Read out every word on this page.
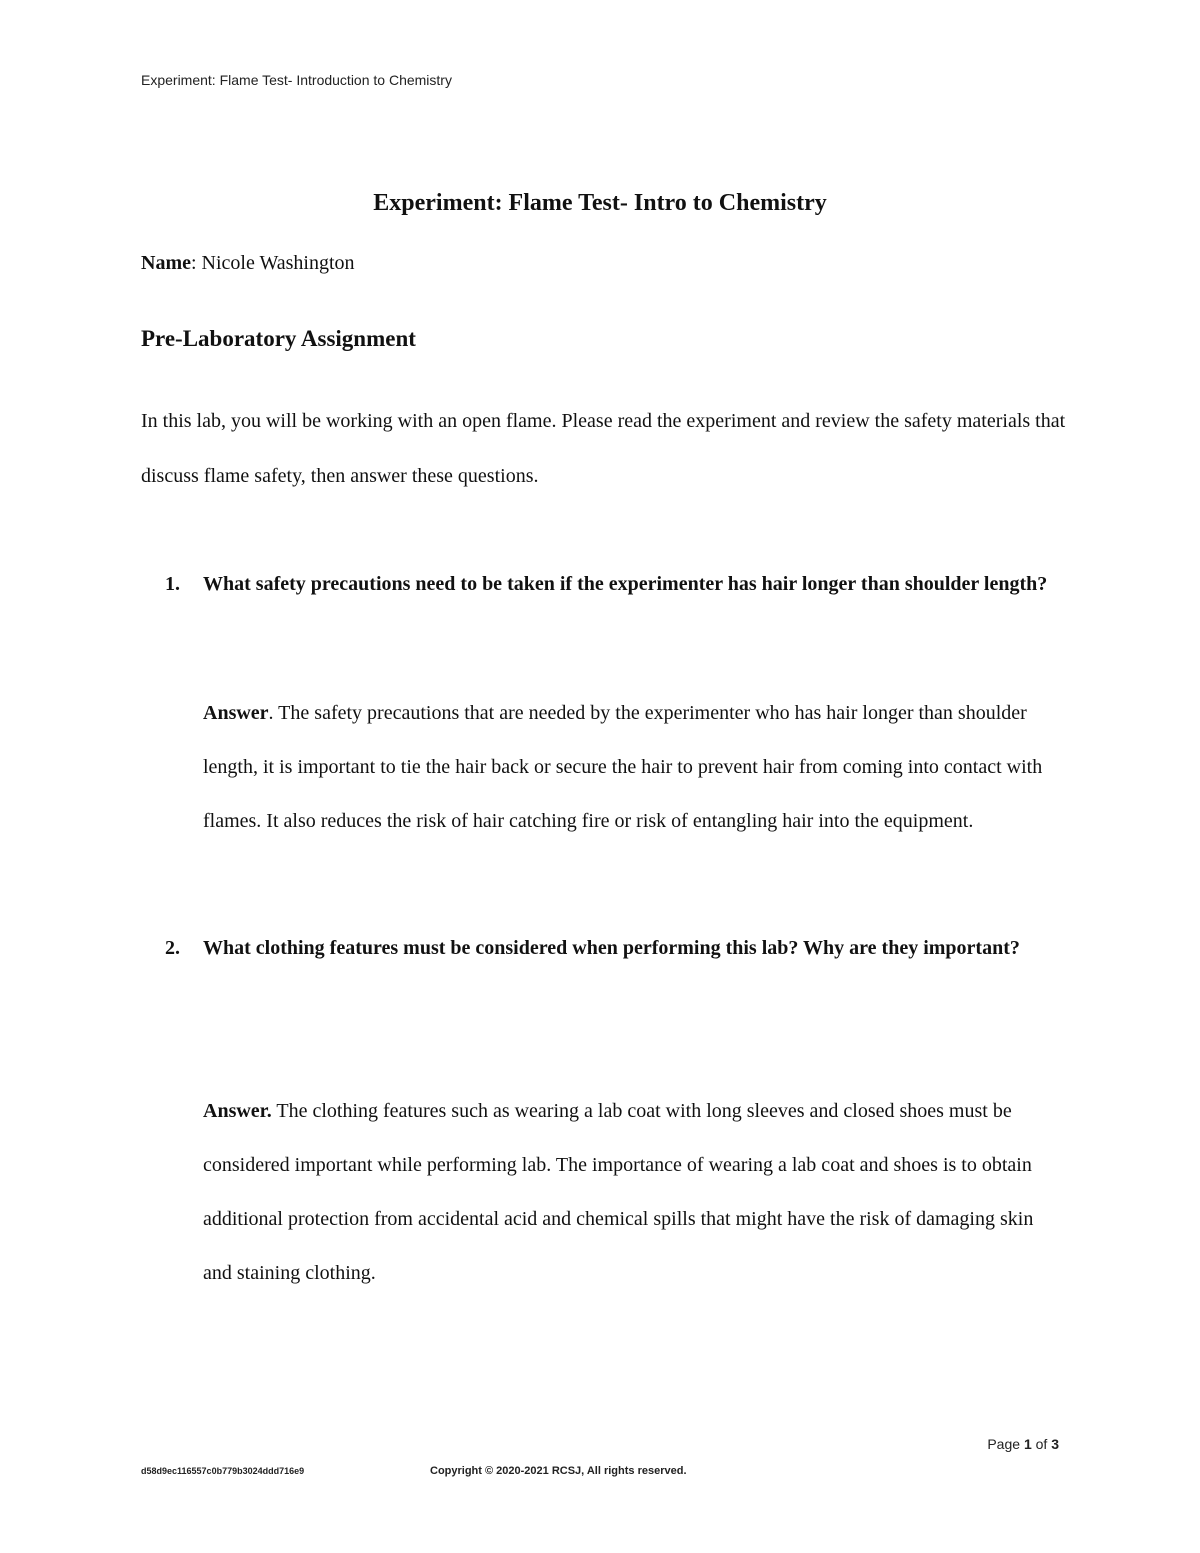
Experiment: Flame Test- Introduction to Chemistry
Experiment: Flame Test- Intro to Chemistry
Name: Nicole Washington
Pre-Laboratory Assignment

In this lab, you will be working with an open flame. Please read the experiment and review the safety materials that discuss flame safety, then answer these questions.

1. What safety precautions need to be taken if the experimenter has hair longer than shoulder length?

Answer. The safety precautions that are needed by the experimenter who has hair longer than shoulder length, it is important to tie the hair back or secure the hair to prevent hair from coming into contact with flames. It also reduces the risk of hair catching fire or risk of entangling hair into the equipment.

2. What clothing features must be considered when performing this lab? Why are they important?

Answer. The clothing features such as wearing a lab coat with long sleeves and closed shoes must be considered important while performing lab. The importance of wearing a lab coat and shoes is to obtain additional protection from accidental acid and chemical spills that might have the risk of damaging skin and staining clothing.

Page 1 of 3
d58d9ec116557c0b779b3024ddd716e9	Copyright © 2020-2021 RCSJ, All rights reserved.
